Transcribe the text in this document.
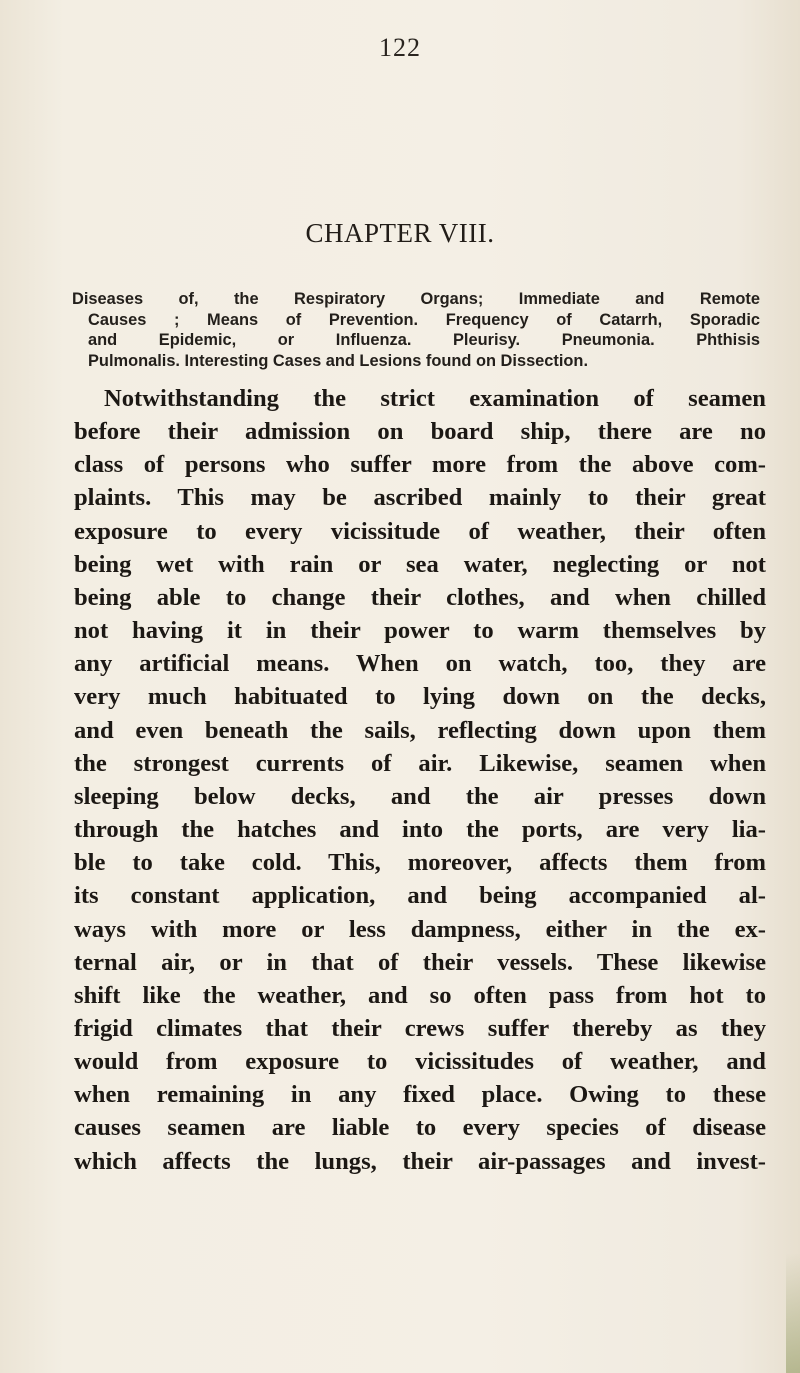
122
CHAPTER VIII.
Diseases of, the Respiratory Organs; Immediate and Remote
Causes ; Means of Prevention. Frequency of Catarrh, Sporadic
and Epidemic, or Influenza. Pleurisy. Pneumonia. Phthisis
Pulmonalis. Interesting Cases and Lesions found on Dissection.
Notwithstanding the strict examination of seamen
before their admission on board ship, there are no
class of persons who suffer more from the above com-
plaints. This may be ascribed mainly to their great
exposure to every vicissitude of weather, their often
being wet with rain or sea water, neglecting or not
being able to change their clothes, and when chilled
not having it in their power to warm themselves by
any artificial means. When on watch, too, they are
very much habituated to lying down on the decks,
and even beneath the sails, reflecting down upon them
the strongest currents of air. Likewise, seamen when
sleeping below decks, and the air presses down
through the hatches and into the ports, are very lia-
ble to take cold. This, moreover, affects them from
its constant application, and being accompanied al-
ways with more or less dampness, either in the ex-
ternal air, or in that of their vessels. These likewise
shift like the weather, and so often pass from hot to
frigid climates that their crews suffer thereby as they
would from exposure to vicissitudes of weather, and
when remaining in any fixed place. Owing to these
causes seamen are liable to every species of disease
which affects the lungs, their air-passages and invest-
